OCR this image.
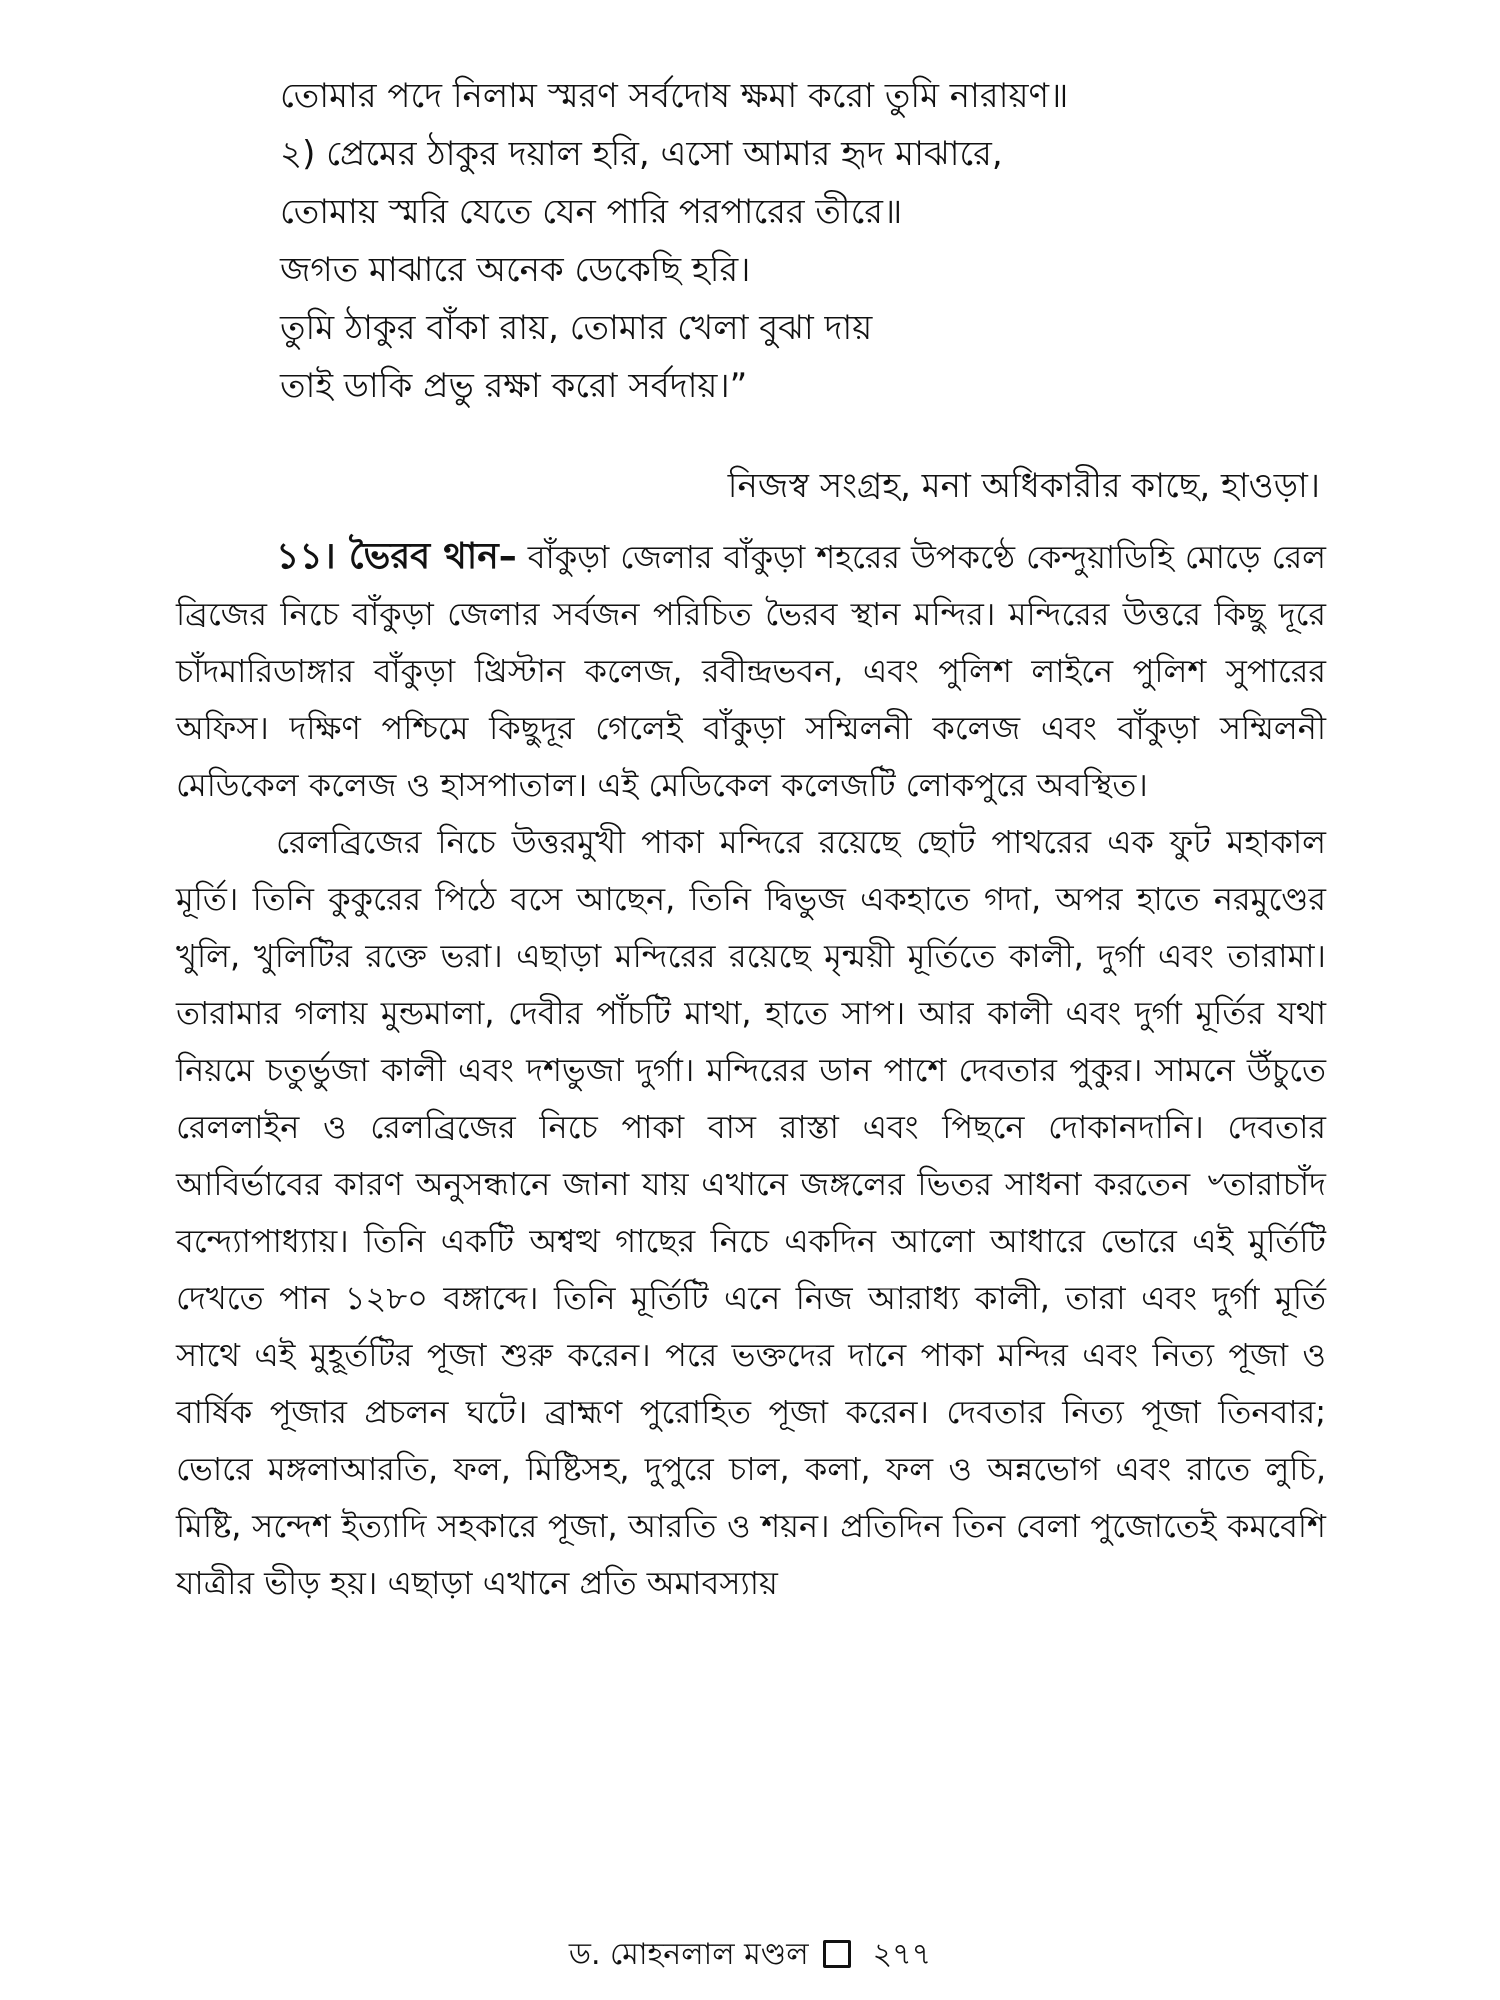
তোমার পদে নিলাম স্মরণ সর্বদোষ ক্ষমা করো তুমি নারায়ণ॥
২) প্রেমের ঠাকুর দয়াল হরি, এসো আমার হৃদ মাঝারে,
তোমায় স্মরি যেতে যেন পারি পরপারের তীরে॥
জগত মাঝারে অনেক ডেকেছি হরি।
তুমি ঠাকুর বাঁকা রায়, তোমার খেলা বুঝা দায়
তাই ডাকি প্রভু রক্ষা করো সর্বদায়।”
নিজস্ব সংগ্রহ, মনা অধিকারীর কাছে, হাওড়া।

১১। ভৈরব থান– বাঁকুড়া জেলার বাঁকুড়া শহরের উপকণ্ঠে কেন্দুয়াডিহি মোড়ে রেল ব্রিজের নিচে বাঁকুড়া জেলার সর্বজন পরিচিত ভৈরব স্থান মন্দির। মন্দিরের উত্তরে কিছু দূরে চাঁদমারিডাঙ্গার বাঁকুড়া খ্রিস্টান কলেজ, রবীন্দ্রভবন, এবং পুলিশ লাইনে পুলিশ সুপারের অফিস। দক্ষিণ পশ্চিমে কিছুদূর গেলেই বাঁকুড়া সম্মিলনী কলেজ এবং বাঁকুড়া সম্মিলনী মেডিকেল কলেজ ও হাসপাতাল। এই মেডিকেল কলেজটি লোকপুরে অবস্থিত।

রেলব্রিজের নিচে উত্তরমুখী পাকা মন্দিরে রয়েছে ছোট পাথরের এক ফুট মহাকাল মূর্তি। তিনি কুকুরের পিঠে বসে আছেন, তিনি দ্বিভুজ একহাতে গদা, অপর হাতে নরমুণ্ডের খুলি, খুলিটির রক্তে ভরা। এছাড়া মন্দিরের রয়েছে মৃন্ময়ী মূর্তিতে কালী, দুর্গা এবং তারামা। তারামার গলায় মুন্ডমালা, দেবীর পাঁচটি মাথা, হাতে সাপ। আর কালী এবং দুর্গা মূর্তির যথা নিয়মে চতুর্ভুজা কালী এবং দশভুজা দুর্গা। মন্দিরের ডান পাশে দেবতার পুকুর। সামনে উঁচুতে রেললাইন ও রেলব্রিজের নিচে পাকা বাস রাস্তা এবং পিছনে দোকানদানি। দেবতার আবির্ভাবের কারণ অনুসন্ধানে জানা যায় এখানে জঙ্গলের ভিতর সাধনা করতেন ৺তারাচাঁদ বন্দ্যোপাধ্যায়। তিনি একটি অশ্বত্থ গাছের নিচে একদিন আলো আধারে ভোরে এই মুর্তিটি দেখতে পান ১২৮০ বঙ্গাব্দে। তিনি মূর্তিটি এনে নিজ আরাধ্য কালী, তারা এবং দুর্গা মূর্তি সাথে এই মুহূর্তটির পূজা শুরু করেন। পরে ভক্তদের দানে পাকা মন্দির এবং নিত্য পূজা ও বার্ষিক পূজার প্রচলন ঘটে। ব্রাহ্মণ পুরোহিত পূজা করেন। দেবতার নিত্য পূজা তিনবার; ভোরে মঙ্গলাআরতি, ফল, মিষ্টিসহ, দুপুরে চাল, কলা, ফল ও অন্নভোগ এবং রাতে লুচি, মিষ্টি, সন্দেশ ইত্যাদি সহকারে পূজা, আরতি ও শয়ন। প্রতিদিন তিন বেলা পুজোতেই কমবেশি যাত্রীর ভীড় হয়। এছাড়া এখানে প্রতি অমাবস্যায়

ড. মোহনলাল মণ্ডল ২৭৭
